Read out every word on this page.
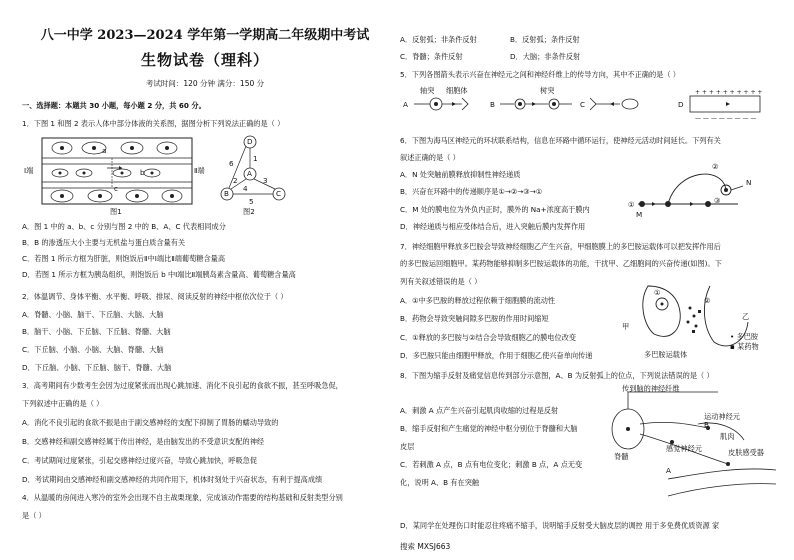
八一中学 2023—2024 学年第一学期高二年级期中考试
生物试卷（理科）
考试时间：120 分钟 满分：150 分
一、选择题：本题共 30 小题，每小题 2 分，共 60 分。
1．下图 1 和图 2 表示人体中部分体液的关系图，据图分析下列说法正确的是（ ）
Ⅰ端	Ⅱ端
a
b
c
图1
D
A
B	C
1
2	3
4
5
6
图2
A．图 1 中的 a、b、c 分别与图 2 中的 B、A、C 代表相同成分
B．B 的渗透压大小主要与无机盐与蛋白质含量有关
C．若图 1 所示方框为肝脏，则饱饭后Ⅱ中Ⅰ端比Ⅱ端葡萄糖含量高
D．若图 1 所示方框为胰岛组织，则饱饭后 b 中Ⅰ端比Ⅱ端胰岛素含量高、葡萄糖含量高
2．体温调节、身体平衡、水平衡、呼吸、排尿、阅读反射的神经中枢依次位于（ ）
A．脊髓、小脑、脑干、下丘脑、大脑、大脑
B．脑干、小脑、下丘脑、下丘脑、脊髓、大脑
C．下丘脑、小脑、小脑、大脑、脊髓、大脑
D．下丘脑、小脑、下丘脑、脑干、脊髓、大脑
3．高考期间有少数考生会因为过度紧张而出现心跳加速、消化不良引起的食欲不振，甚至呼吸急促，
下列叙述中正确的是（ ）
A．消化不良引起的食欲不振是由于副交感神经的支配下抑制了胃肠的蠕动导致的
B．交感神经和副交感神经属于传出神经，是由脑发出的不受意识支配的神经
C．考试期间过度紧张，引起交感神经过度兴奋，导致心跳加快，呼吸急促
D．考试期间由交感神经和副交感神经的共同作用下，机体时刻处于兴奋状态，有利于提高成绩
4．从温暖的房间进入寒冷的室外会出现不自主战栗现象，完成该动作需要的结构基础和反射类型分别
是（ ）
A．反射弧；非条件反射	B．反射弧；条件反射
C．脊髓；条件反射	D．大脑；非条件反射
5．下列各图箭头表示兴奋在神经元之间和神经纤维上的传导方向，其中不正确的是（ ）
+ + + + + + + + + +
— — — — — — — —
轴突 细胞体	树突
A	B	C	D
6．下图为海马区神经元的环状联系结构，信息在环路中循环运行，使神经元活动时间延长。下列有关
叙述正确的是（ ）
A．N 处突触前膜释放抑制性神经递质
B．兴奋在环路中的传递顺序是①→②→③→①
C．M 处的膜电位为外负内正时，膜外的 Na+浓度高于膜内
D．神经递质与相应受体结合后，进入突触后膜内发挥作用
①
②
③
M
N
7．神经细胞甲释放多巴胺会导致神经细胞乙产生兴奋，甲细胞膜上的多巴胺运载体可以把发挥作用后
的多巴胺运回细胞甲。某药物能够抑制多巴胺运载体的功能，干扰甲、乙细胞间的兴奋传递(如图)。下
列有关叙述错误的是（ ）
A．①中多巴胺的释放过程依赖于细胞膜的流动性
B．药物会导致突触间隙多巴胺的作用时间缩短
C．①释放的多巴胺与②结合会导致细胞乙的膜电位改变
D．多巴胺只能由细胞甲释放，作用于细胞乙使兴奋单向传递
甲
乙
①
②
• 多巴胺
▪ 某药物
多巴胺运载体
8．下图为缩手反射及痛觉信息传到部分示意图，A、B 为反射弧上的位点，下列说法错误的是（ ）
A．刺激 A 点产生兴奋引起肌肉收缩的过程是反射
B．缩手反射和产生痛觉的神经中枢分别位于脊髓和大脑
皮层
C．若刺激 A 点，B 点有电位变化；刺激 B 点，A 点无变
化，说明 A、B 有在突触
D．某同学在处理伤口时能忍住疼痛不缩手，说明缩手反射受大脑皮层的调控 用于多免费优质资源 家
传到脑的神经纤维
运动神经元
肌肉
感觉神经元	皮肤感受器
脊髓
A
B
搜索 MXSJ663
